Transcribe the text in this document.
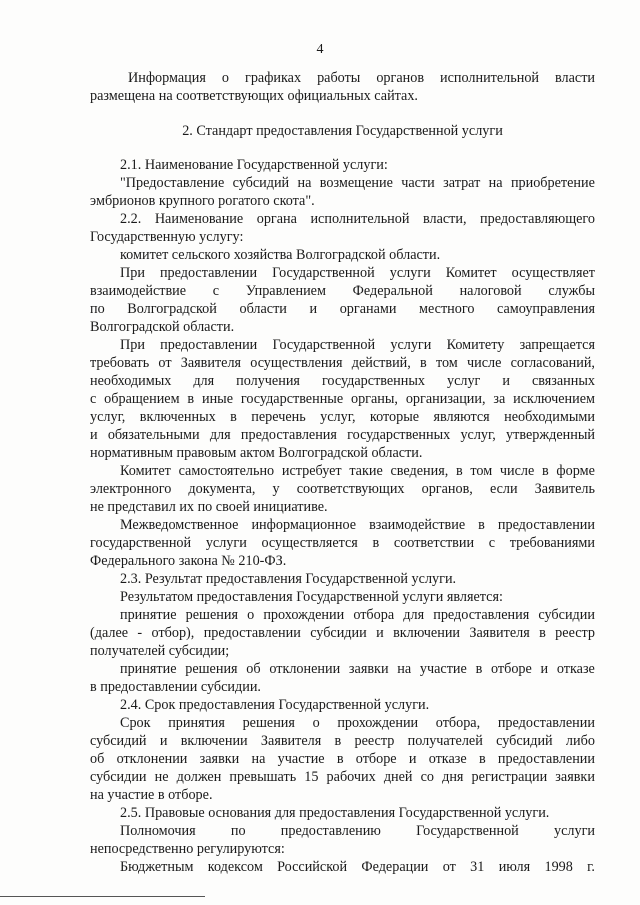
4
Информация о графиках работы органов исполнительной власти
размещена на соответствующих официальных сайтах.
2. Стандарт предоставления Государственной услуги
2.1. Наименование Государственной услуги:
"Предоставление субсидий на возмещение части затрат на приобретение
эмбрионов крупного рогатого скота".
2.2. Наименование органа исполнительной власти, предоставляющего
Государственную услугу:
комитет сельского хозяйства Волгоградской области.
При предоставлении Государственной услуги Комитет осуществляет
взаимодействие с Управлением Федеральной налоговой службы
по Волгоградской области и органами местного самоуправления
Волгоградской области.
При предоставлении Государственной услуги Комитету запрещается
требовать от Заявителя осуществления действий, в том числе согласований,
необходимых для получения государственных услуг и связанных
с обращением в иные государственные органы, организации, за исключением
услуг, включенных в перечень услуг, которые являются необходимыми
и обязательными для предоставления государственных услуг, утвержденный
нормативным правовым актом Волгоградской области.
Комитет самостоятельно истребует такие сведения, в том числе в форме
электронного документа, у соответствующих органов, если Заявитель
не представил их по своей инициативе.
Межведомственное информационное взаимодействие в предоставлении
государственной услуги осуществляется в соответствии с требованиями
Федерального закона № 210-ФЗ.
2.3. Результат предоставления Государственной услуги.
Результатом предоставления Государственной услуги является:
принятие решения о прохождении отбора для предоставления субсидии
(далее - отбор), предоставлении субсидии и включении Заявителя в реестр
получателей субсидии;
принятие решения об отклонении заявки на участие в отборе и отказе
в предоставлении субсидии.
2.4. Срок предоставления Государственной услуги.
Срок принятия решения о прохождении отбора, предоставлении
субсидий и включении Заявителя в реестр получателей субсидий либо
об отклонении заявки на участие в отборе и отказе в предоставлении
субсидии не должен превышать 15 рабочих дней со дня регистрации заявки
на участие в отборе.
2.5. Правовые основания для предоставления Государственной услуги.
Полномочия по предоставлению Государственной услуги
непосредственно регулируются:
Бюджетным кодексом Российской Федерации от 31 июля 1998 г.
